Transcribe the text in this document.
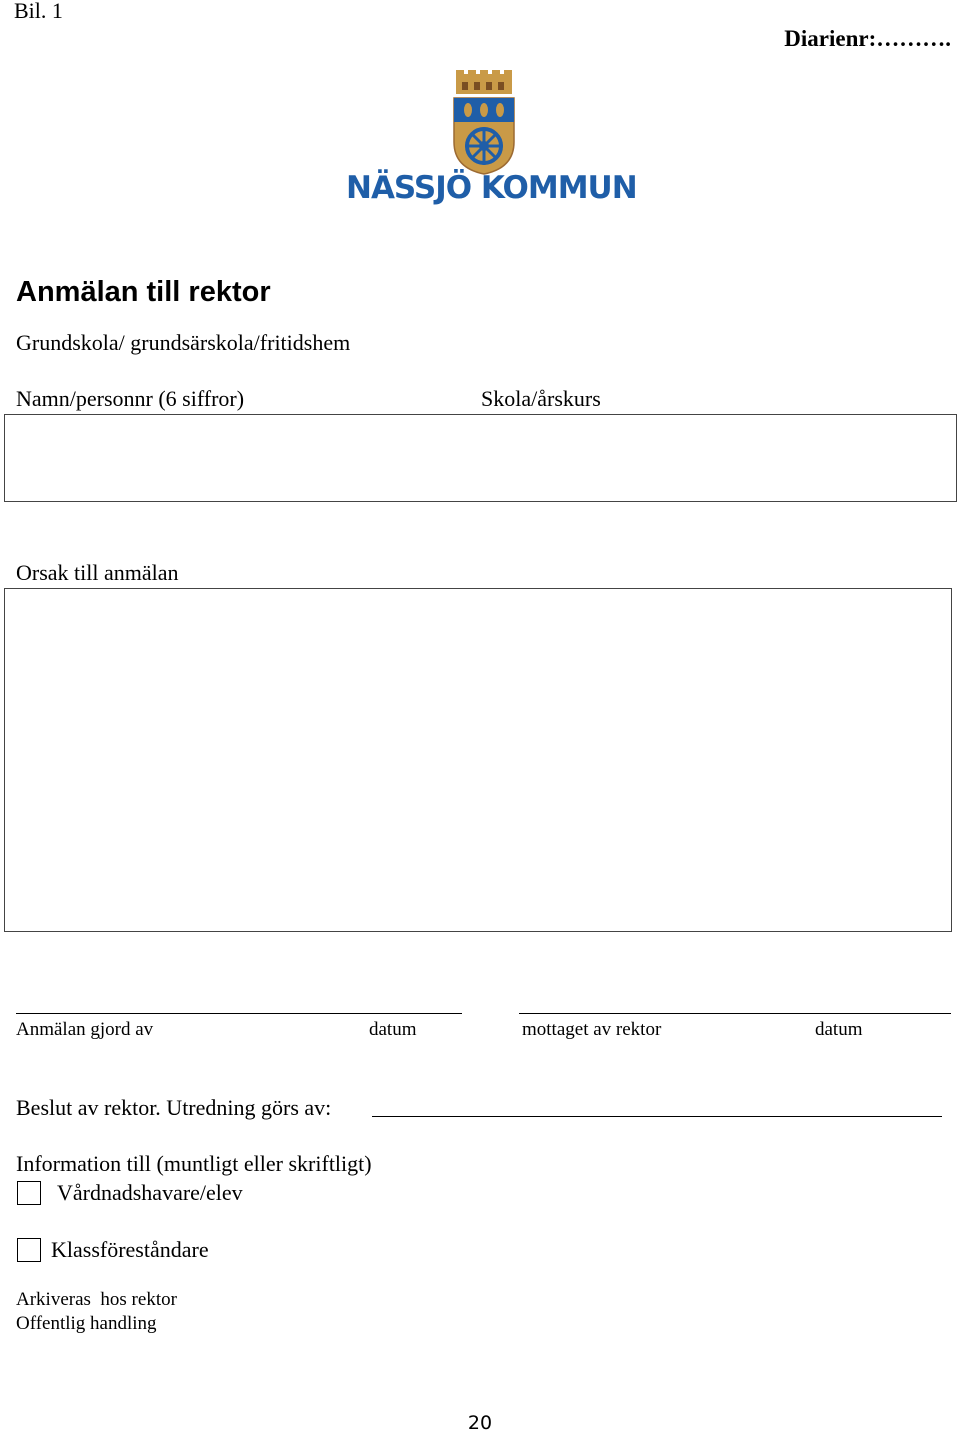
Bil. 1
Diarienr:……….
NÄSSJÖ KOMMUN
Anmälan till rektor
Grundskola/ grundsärskola/fritidshem
Namn/personnr (6 siffror)	Skola/årskurs
Orsak till anmälan
Anmälan gjord av	datum	mottaget av rektor	datum
Beslut av rektor. Utredning görs av:
Information till (muntligt eller skriftligt)
Vårdnadshavare/elev
Klassföreståndare
Arkiveras  hos rektor
Offentlig handling
20
